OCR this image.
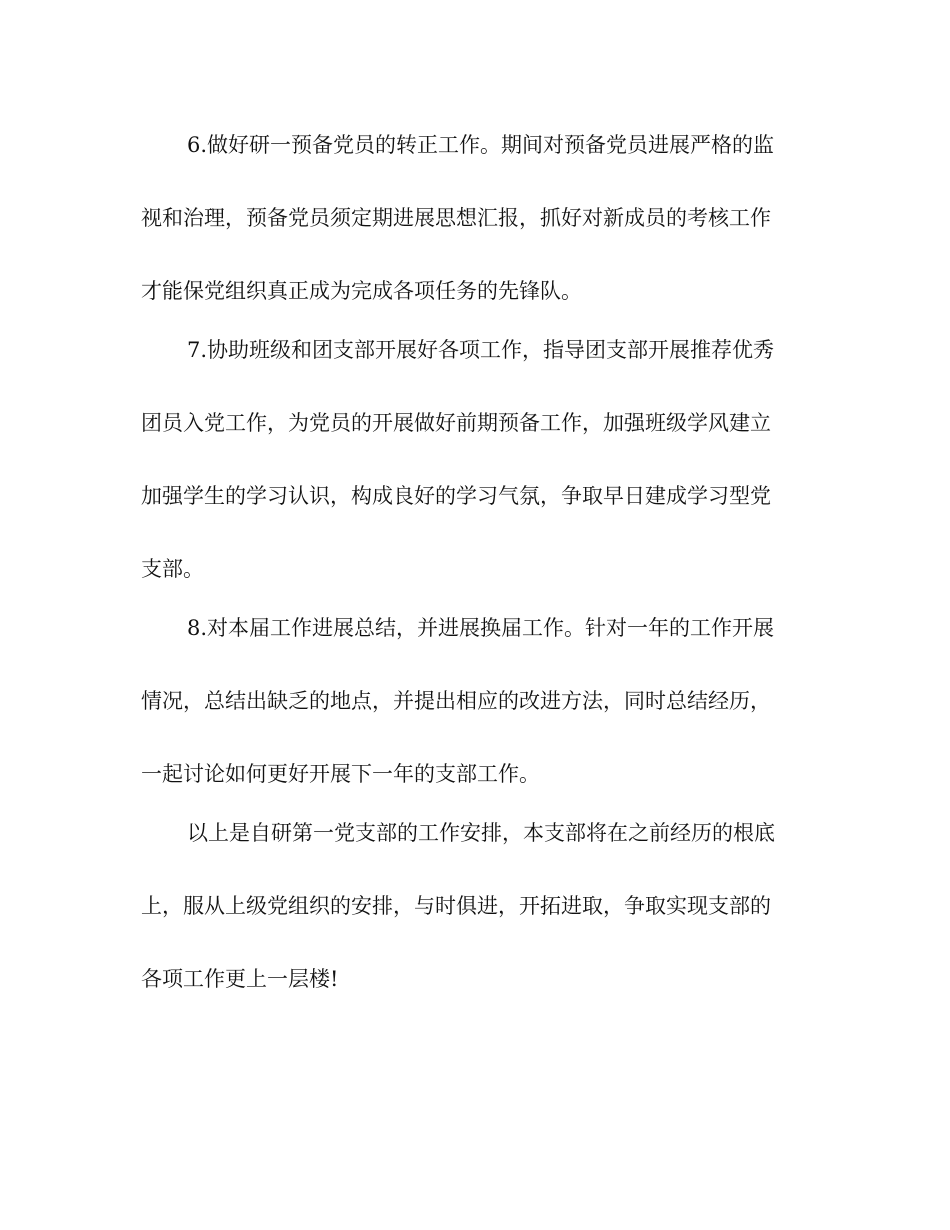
6.做好研一预备党员的转正工作。期间对预备党员进展严格的监
视和治理，预备党员须定期进展思想汇报，抓好对新成员的考核工作
才能保党组织真正成为完成各项任务的先锋队。
7.协助班级和团支部开展好各项工作，指导团支部开展推荐优秀
团员入党工作，为党员的开展做好前期预备工作，加强班级学风建立
加强学生的学习认识，构成良好的学习气氛，争取早日建成学习型党
支部。
8.对本届工作进展总结，并进展换届工作。针对一年的工作开展
情况，总结出缺乏的地点，并提出相应的改进方法，同时总结经历，
一起讨论如何更好开展下一年的支部工作。
以上是自研第一党支部的工作安排，本支部将在之前经历的根底
上，服从上级党组织的安排，与时俱进，开拓进取，争取实现支部的
各项工作更上一层楼!
